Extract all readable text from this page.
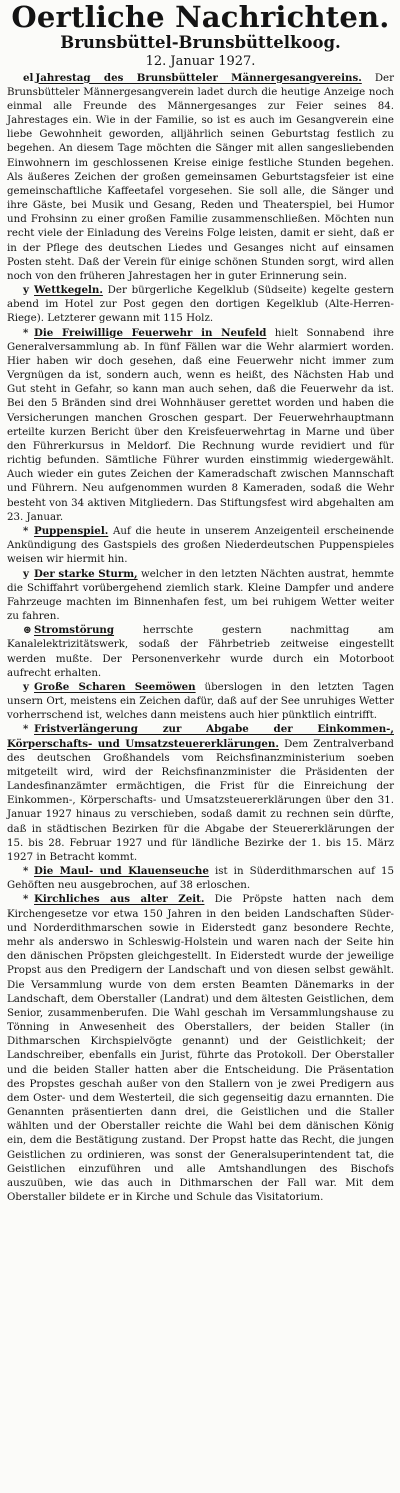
Oertliche Nachrichten.
Brunsbüttel-Brunsbüttelkoog.
12. Januar 1927.

el Jahrestag des Brunsbütteler Männergesangvereins. Der Brunsbütteler Männergesangverein ladet durch die heutige Anzeige noch einmal alle Freunde des Männergesanges zur Feier seines 84. Jahrestages ein. Wie in der Familie, so ist es auch im Gesangverein eine liebe Gewohnheit geworden, alljährlich seinen Geburtstag festlich zu begehen. An diesem Tage möchten die Sänger mit allen sangesliebenden Einwohnern im geschlossenen Kreise einige festliche Stunden begehen. Als äußeres Zeichen der großen gemeinsamen Geburtstagsfeier ist eine gemeinschaftliche Kaffeetafel vorgesehen. Sie soll alle, die Sänger und ihre Gäste, bei Musik und Gesang, Reden und Theaterspiel, bei Humor und Frohsinn zu einer großen Familie zusammenschließen. Möchten nun recht viele der Einladung des Vereins Folge leisten, damit er sieht, daß er in der Pflege des deutschen Liedes und Gesanges nicht auf einsamen Posten steht. Daß der Verein für einige schönen Stunden sorgt, wird allen noch von den früheren Jahrestagen her in guter Erinnerung sein.

y Wettkegeln. Der bürgerliche Kegelklub (Südseite) kegelte gestern abend im Hotel zur Post gegen den dortigen Kegelklub (Alte-Herren-Riege). Letzterer gewann mit 115 Holz.

* Die Freiwillige Feuerwehr in Neufeld hielt Sonnabend ihre Generalversammlung ab. In fünf Fällen war die Wehr alarmiert worden. Hier haben wir doch gesehen, daß eine Feuerwehr nicht immer zum Vergnügen da ist, sondern auch, wenn es heißt, des Nächsten Hab und Gut steht in Gefahr, so kann man auch sehen, daß die Feuerwehr da ist. Bei den 5 Bränden sind drei Wohnhäuser gerettet worden und haben die Versicherungen manchen Groschen gespart. Der Feuerwehrhauptmann erteilte kurzen Bericht über den Kreisfeuerwehrtag in Marne und über den Führerkursus in Meldorf. Die Rechnung wurde revidiert und für richtig befunden. Sämtliche Führer wurden einstimmig wiedergewählt. Auch wieder ein gutes Zeichen der Kameradschaft zwischen Mannschaft und Führern. Neu aufgenommen wurden 8 Kameraden, sodaß die Wehr besteht von 34 aktiven Mitgliedern. Das Stiftungsfest wird abgehalten am 23. Januar.

* Puppenspiel. Auf die heute in unserem Anzeigenteil erscheinende Ankündigung des Gastspiels des großen Niederdeutschen Puppenspieles weisen wir hiermit hin.

y Der starke Sturm, welcher in den letzten Nächten austrat, hemmte die Schiffahrt vorübergehend ziemlich stark. Kleine Dampfer und andere Fahrzeuge machten im Binnenhafen fest, um bei ruhigem Wetter weiter zu fahren.

⊛ Stromstörung	herrschte gestern nachmittag am Kanalelektrizitätswerk, sodaß der Fährbetrieb zeitweise eingestellt werden mußte. Der Personenverkehr wurde durch ein Motorboot aufrecht erhalten.

y Große Scharen Seemöwen überslogen in den letzten Tagen unsern Ort, meistens ein Zeichen dafür, daß auf der See unruhiges Wetter vorherrschend ist, welches dann meistens auch hier pünktlich eintrifft.

* Fristverlängerung zur Abgabe der Einkommen-, Körperschafts- und Umsatzsteuererklärungen. Dem Zentralverband des deutschen Großhandels vom Reichsfinanzministerium soeben mitgeteilt wird, wird der Reichsfinanzminister die Präsidenten der Landesfinanzämter ermächtigen, die Frist für die Einreichung der Einkommen-, Körperschafts- und Umsatzsteuererklärungen über den 31. Januar 1927 hinaus zu verschieben, sodaß damit zu rechnen sein dürfte, daß in städtischen Bezirken für die Abgabe der Steuererklärungen der 15. bis 28. Februar 1927 und für ländliche Bezirke der 1. bis 15. März 1927 in Betracht kommt.

* Die Maul- und Klauenseuche ist in Süderdithmarschen auf 15 Gehöften neu ausgebrochen, auf 38 erloschen.

* Kirchliches aus alter Zeit. Die Pröpste hatten nach dem Kirchengesetze vor etwa 150 Jahren in den beiden Landschaften Süder- und Norderdithmarschen sowie in Eiderstedt ganz besondere Rechte, mehr als anderswo in Schleswig-Holstein und waren nach der Seite hin den dänischen Pröpsten gleichgestellt. In Eiderstedt wurde der jeweilige Propst aus den Predigern der Landschaft und von diesen selbst gewählt. Die Versammlung wurde von dem ersten Beamten Dänemarks in der Landschaft, dem Oberstaller (Landrat) und dem ältesten Geistlichen, dem Senior, zusammenberufen. Die Wahl geschah im Versammlungshause zu Tönning in Anwesenheit des Oberstallers, der beiden Staller (in Dithmarschen Kirchspielvögte genannt) und der Geistlichkeit; der Landschreiber, ebenfalls ein Jurist, führte das Protokoll. Der Oberstaller und die beiden Staller hatten aber die Entscheidung. Die Präsentation des Propstes geschah außer von den Stallern von je zwei Predigern aus dem Oster- und dem Westerteil, die sich gegenseitig dazu ernannten. Die Genannten präsentierten dann drei, die Geistlichen und die Staller wählten und der Oberstaller reichte die Wahl bei dem dänischen König ein, dem die Bestätigung zustand. Der Propst hatte das Recht, die jungen Geistlichen zu ordinieren, was sonst der Generalsuperintendent tat, die Geistlichen einzuführen und alle Amtshandlungen des Bischofs auszuüben, wie das auch in Dithmarschen der Fall war. Mit dem Oberstaller bildete er in Kirche und Schule das Visitatorium.
